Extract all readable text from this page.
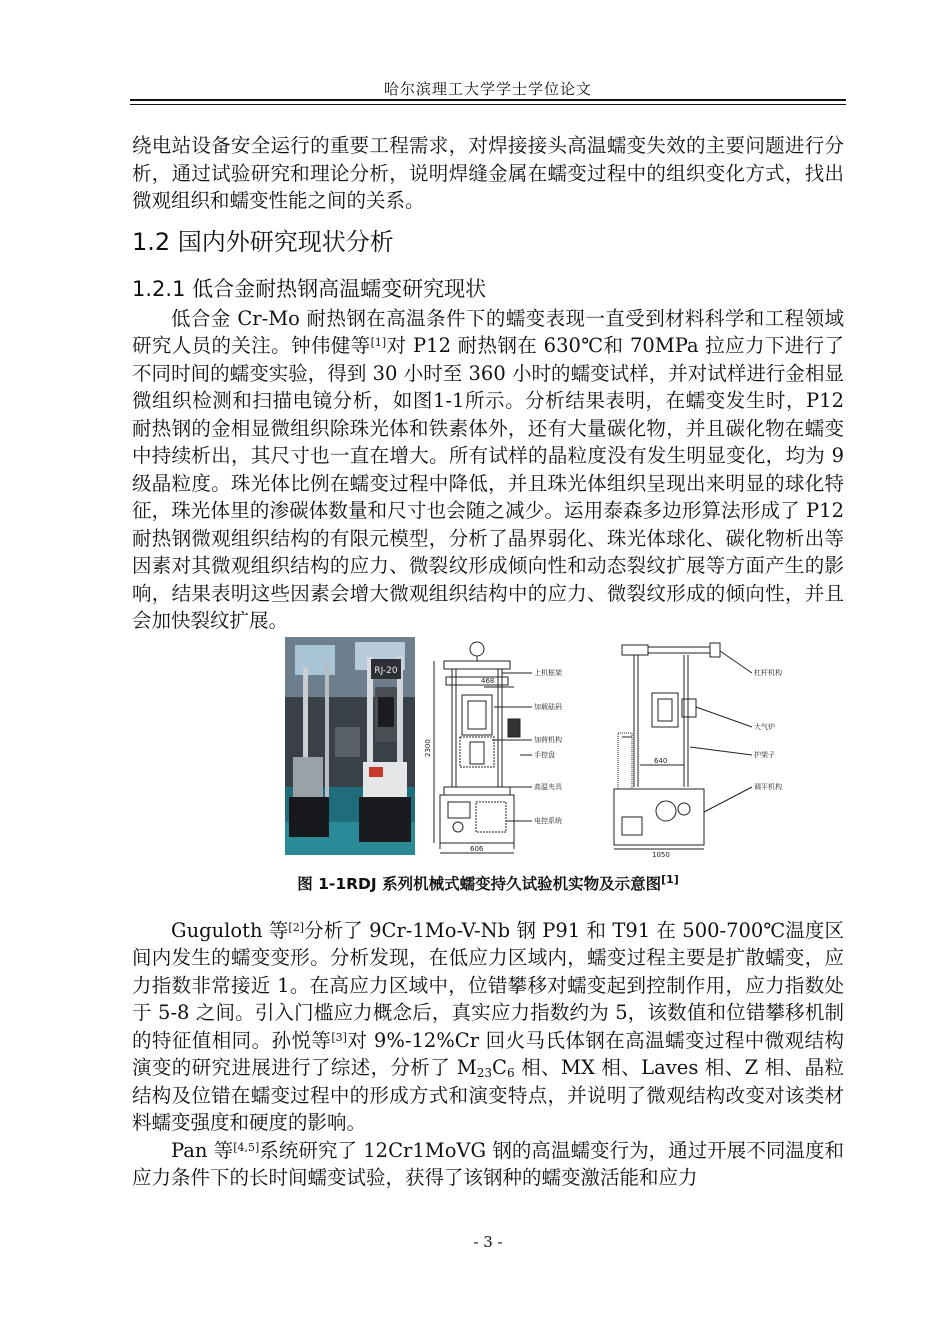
哈尔滨理工大学学士学位论文

绕电站设备安全运行的重要工程需求，对焊接接头高温蠕变失效的主要问题进行分析，通过试验研究和理论分析，说明焊缝金属在蠕变过程中的组织变化方式，找出微观组织和蠕变性能之间的关系。

1.2 国内外研究现状分析
1.2.1 低合金耐热钢高温蠕变研究现状

低合金 Cr-Mo 耐热钢在高温条件下的蠕变表现一直受到材料科学和工程领域研究人员的关注。钟伟健等[1]对 P12 耐热钢在 630℃和 70MPa 拉应力下进行了不同时间的蠕变实验，得到 30 小时至 360 小时的蠕变试样，并对试样进行金相显微组织检测和扫描电镜分析，如图1-1所示。分析结果表明，在蠕变发生时，P12 耐热钢的金相显微组织除珠光体和铁素体外，还有大量碳化物，并且碳化物在蠕变中持续析出，其尺寸也一直在增大。所有试样的晶粒度没有发生明显变化，均为 9 级晶粒度。珠光体比例在蠕变过程中降低，并且珠光体组织呈现出来明显的球化特征，珠光体里的渗碳体数量和尺寸也会随之减少。运用泰森多边形算法形成了 P12 耐热钢微观组织结构的有限元模型，分析了晶界弱化、珠光体球化、碳化物析出等因素对其微观组织结构的应力、微裂纹形成倾向性和动态裂纹扩展等方面产生的影响，结果表明这些因素会增大微观组织结构中的应力、微裂纹形成的倾向性，并且会加快裂纹扩展。

RJ-20
468
2300
606
640
1050
上机框架
加载砝码
加荷机构
手控盘
高温夹具
电控系统
杠杆机构
大气炉
护架子
调平机构
图 1-1RDJ 系列机械式蠕变持久试验机实物及示意图[1]

Guguloth 等[2]分析了 9Cr-1Mo-V-Nb 钢 P91 和 T91 在 500-700℃温度区间内发生的蠕变变形。分析发现，在低应力区域内，蠕变过程主要是扩散蠕变，应力指数非常接近 1。在高应力区域中，位错攀移对蠕变起到控制作用，应力指数处于 5-8 之间。引入门槛应力概念后，真实应力指数约为 5，该数值和位错攀移机制的特征值相同。孙悦等[3]对 9%-12%Cr 回火马氏体钢在高温蠕变过程中微观结构演变的研究进展进行了综述，分析了 $M_{23}C_6$ 相、MX 相、Laves 相、Z 相、晶粒结构及位错在蠕变过程中的形成方式和演变特点，并说明了微观结构改变对该类材料蠕变强度和硬度的影响。

Pan 等[4,5]系统研究了 12Cr1MoVG 钢的高温蠕变行为，通过开展不同温度和应力条件下的长时间蠕变试验，获得了该钢种的蠕变激活能和应力

- 3 -
